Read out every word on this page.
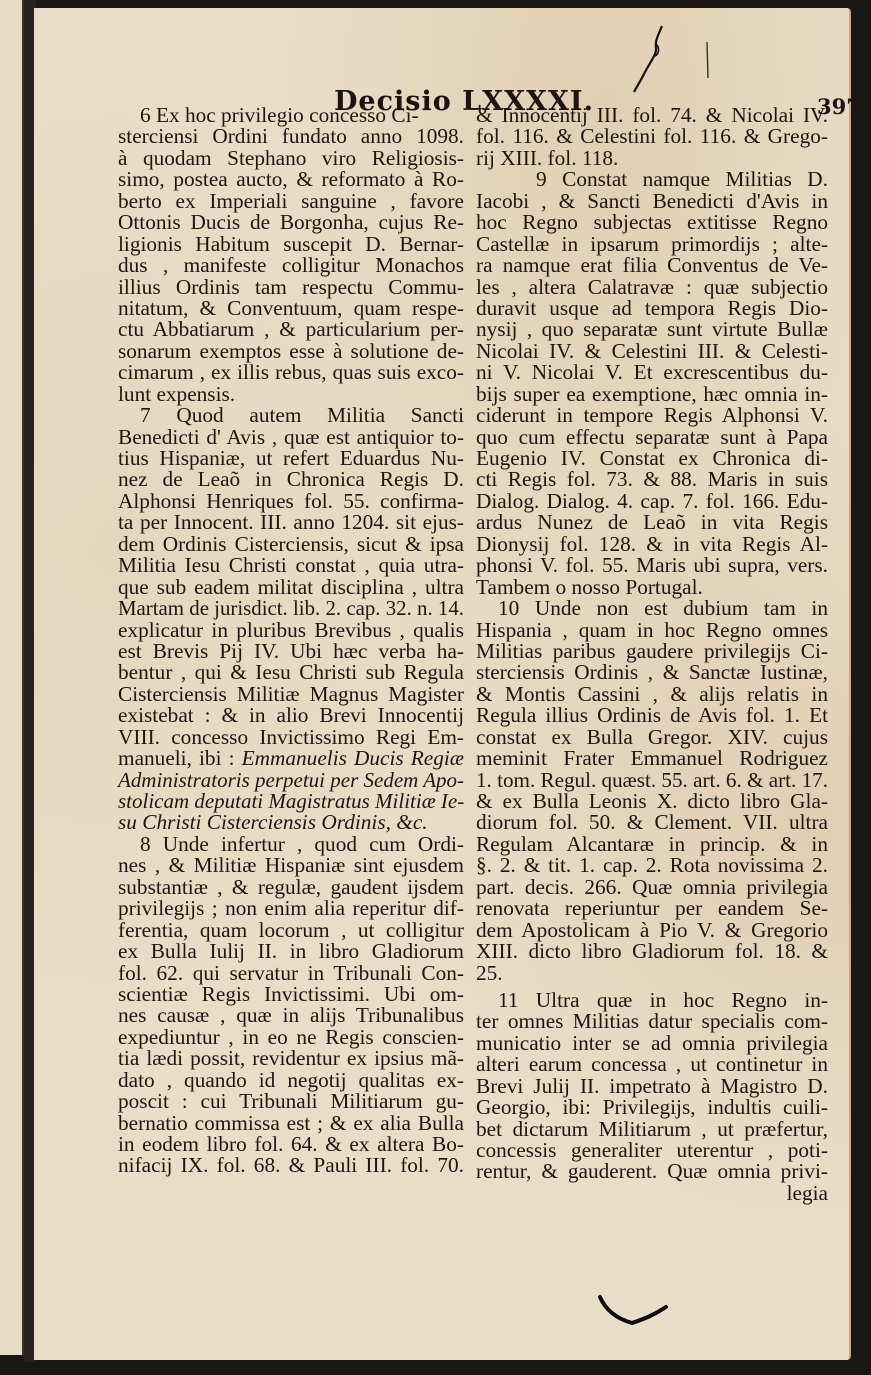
Decisio LXXXXI.	397
6 Ex hoc privilegio concesso Ci-
sterciensi Ordini fundato anno 1098.
à quodam Stephano viro Religiosis-
simo, postea aucto, & reformato à Ro-
berto ex Imperiali sanguine , favore
Ottonis Ducis de Borgonha, cujus Re-
ligionis Habitum suscepit D. Bernar-
dus , manifeste colligitur Monachos
illius Ordinis tam respectu Commu-
nitatum, & Conventuum, quam respe-
ctu Abbatiarum , & particularium per-
sonarum exemptos esse à solutione de-
cimarum , ex illis rebus, quas suis exco-
lunt expensis.
7 Quod autem Militia Sancti
Benedicti d' Avis , quæ est antiquior to-
tius Hispaniæ, ut refert Eduardus Nu-
nez de Leaõ in Chronica Regis D.
Alphonsi Henriques fol. 55. confirma-
ta per Innocent. III. anno 1204. sit ejus-
dem Ordinis Cisterciensis, sicut & ipsa
Militia Iesu Christi constat , quia utra-
que sub eadem militat disciplina , ultra
Martam de jurisdict. lib. 2. cap. 32. n. 14.
explicatur in pluribus Brevibus , qualis
est Brevis Pij IV. Ubi hæc verba ha-
bentur , qui & Iesu Christi sub Regula
Cisterciensis Militiæ Magnus Magister
existebat : & in alio Brevi Innocentij
VIII. concesso Invictissimo Regi Em-
manueli, ibi : Emmanuelis Ducis Regiæ
Administratoris perpetui per Sedem Apo-
stolicam deputati Magistratus Militiæ Ie-
su Christi Cisterciensis Ordinis, &c.
8 Unde infertur , quod cum Ordi-
nes , & Militiæ Hispaniæ sint ejusdem
substantiæ , & regulæ, gaudent ijsdem
privilegijs ; non enim alia reperitur dif-
ferentia, quam locorum , ut colligitur
ex Bulla Iulij II. in libro Gladiorum
fol. 62. qui servatur in Tribunali Con-
scientiæ Regis Invictissimi. Ubi om-
nes causæ , quæ in alijs Tribunalibus
expediuntur , in eo ne Regis conscien-
tia lædi possit, revidentur ex ipsius mã-
dato , quando id negotij qualitas ex-
poscit : cui Tribunali Militiarum gu-
bernatio commissa est ; & ex alia Bulla
in eodem libro fol. 64. & ex altera Bo-
nifacij IX. fol. 68. & Pauli III. fol. 70.
& Innocentij III. fol. 74. & Nicolai IV.
fol. 116. & Celestini fol. 116. & Grego-
rij XIII. fol. 118.
9 Constat namque Militias D.
Iacobi , & Sancti Benedicti d'Avis in
hoc Regno subjectas extitisse Regno
Castellæ in ipsarum primordijs ; alte-
ra namque erat filia Conventus de Ve-
les , altera Calatravæ : quæ subjectio
duravit usque ad tempora Regis Dio-
nysij , quo separatæ sunt virtute Bullæ
Nicolai IV. & Celestini III. & Celesti-
ni V. Nicolai V. Et excrescentibus du-
bijs super ea exemptione, hæc omnia in-
ciderunt in tempore Regis Alphonsi V.
quo cum effectu separatæ sunt à Papa
Eugenio IV. Constat ex Chronica di-
cti Regis fol. 73. & 88. Maris in suis
Dialog. Dialog. 4. cap. 7. fol. 166. Edu-
ardus Nunez de Leaõ in vita Regis
Dionysij fol. 128. & in vita Regis Al-
phonsi V. fol. 55. Maris ubi supra, vers.
Tambem o nosso Portugal.
10 Unde non est dubium tam in
Hispania , quam in hoc Regno omnes
Militias paribus gaudere privilegijs Ci-
sterciensis Ordinis , & Sanctæ Iustinæ,
& Montis Cassini , & alijs relatis in
Regula illius Ordinis de Avis fol. 1. Et
constat ex Bulla Gregor. XIV. cujus
meminit Frater Emmanuel Rodriguez
1. tom. Regul. quæst. 55. art. 6. & art. 17.
& ex Bulla Leonis X. dicto libro Gla-
diorum fol. 50. & Clement. VII. ultra
Regulam Alcantaræ in princip. & in
§. 2. & tit. 1. cap. 2. Rota novissima 2.
part. decis. 266. Quæ omnia privilegia
renovata reperiuntur per eandem Se-
dem Apostolicam à Pio V. & Gregorio
XIII. dicto libro Gladiorum fol. 18. &
25.
11 Ultra quæ in hoc Regno in-
ter omnes Militias datur specialis com-
municatio inter se ad omnia privilegia
alteri earum concessa , ut continetur in
Brevi Julij II. impetrato à Magistro D.
Georgio, ibi: Privilegijs, indultis cuili-
bet dictarum Militiarum , ut præfertur,
concessis generaliter uterentur , poti-
rentur, & gauderent. Quæ omnia privi-
legia
